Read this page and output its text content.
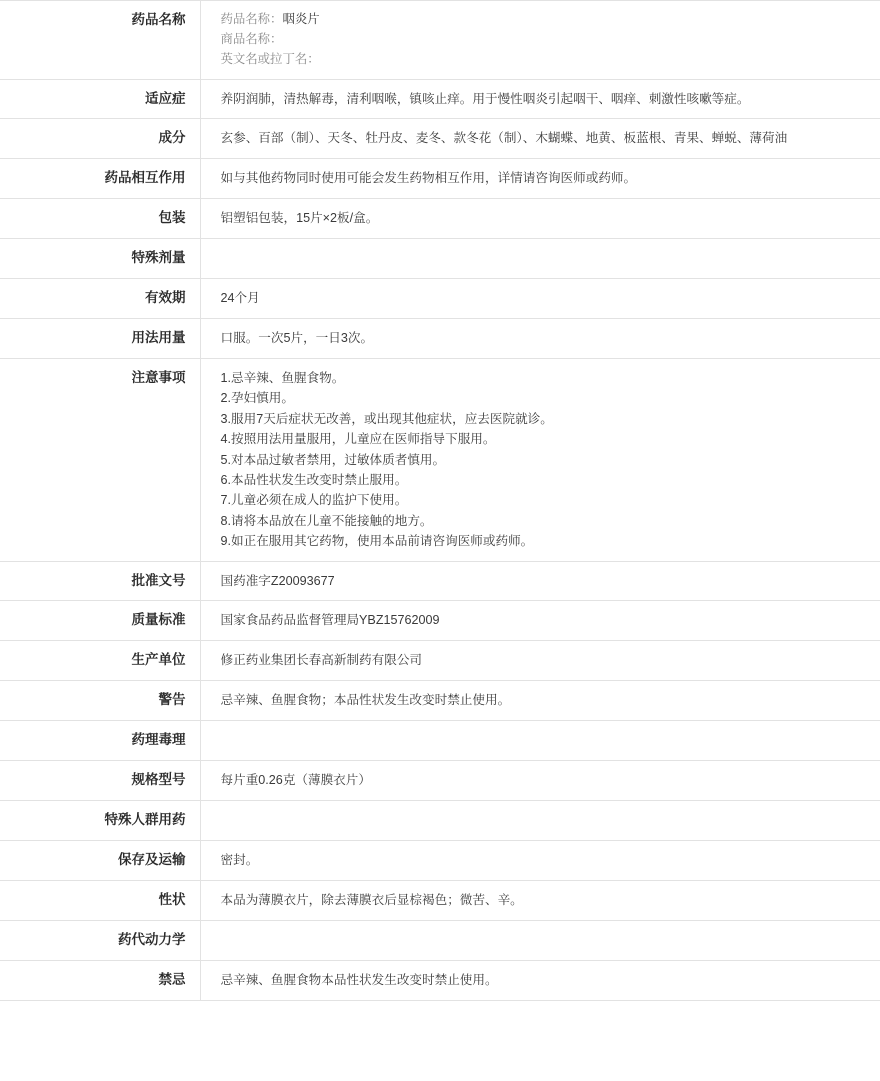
药品名称	药品名称：咽炎片
商品名称：
英文名或拉丁名：

适应症	养阴润肺，清热解毒，清利咽喉，镇咳止痒。用于慢性咽炎引起咽干、咽痒、刺激性咳嗽等症。

成分	玄参、百部（制）、天冬、牡丹皮、麦冬、款冬花（制）、木蝴蝶、地黄、板蓝根、青果、蝉蜕、薄荷油

药品相互作用	如与其他药物同时使用可能会发生药物相互作用，详情请咨询医师或药师。

包装	铝塑铝包装，15片×2板/盒。

特殊剂量	
有效期	24个月

用法用量	口服。一次5片，一日3次。

注意事项	1.忌辛辣、鱼腥食物。
2.孕妇慎用。
3.服用7天后症状无改善，或出现其他症状，应去医院就诊。
4.按照用法用量服用，儿童应在医师指导下服用。
5.对本品过敏者禁用，过敏体质者慎用。
6.本品性状发生改变时禁止服用。
7.儿童必须在成人的监护下使用。
8.请将本品放在儿童不能接触的地方。
9.如正在服用其它药物，使用本品前请咨询医师或药师。

批准文号	国药准字Z20093677

质量标准	国家食品药品监督管理局YBZ15762009

生产单位	修正药业集团长春高新制药有限公司

警告	忌辛辣、鱼腥食物；本品性状发生改变时禁止使用。

药理毒理	
规格型号	每片重0.26克（薄膜衣片）

特殊人群用药	
保存及运输	密封。

性状	本品为薄膜衣片，除去薄膜衣后显棕褐色；微苦、辛。

药代动力学	
禁忌	忌辛辣、鱼腥食物本品性状发生改变时禁止使用。
